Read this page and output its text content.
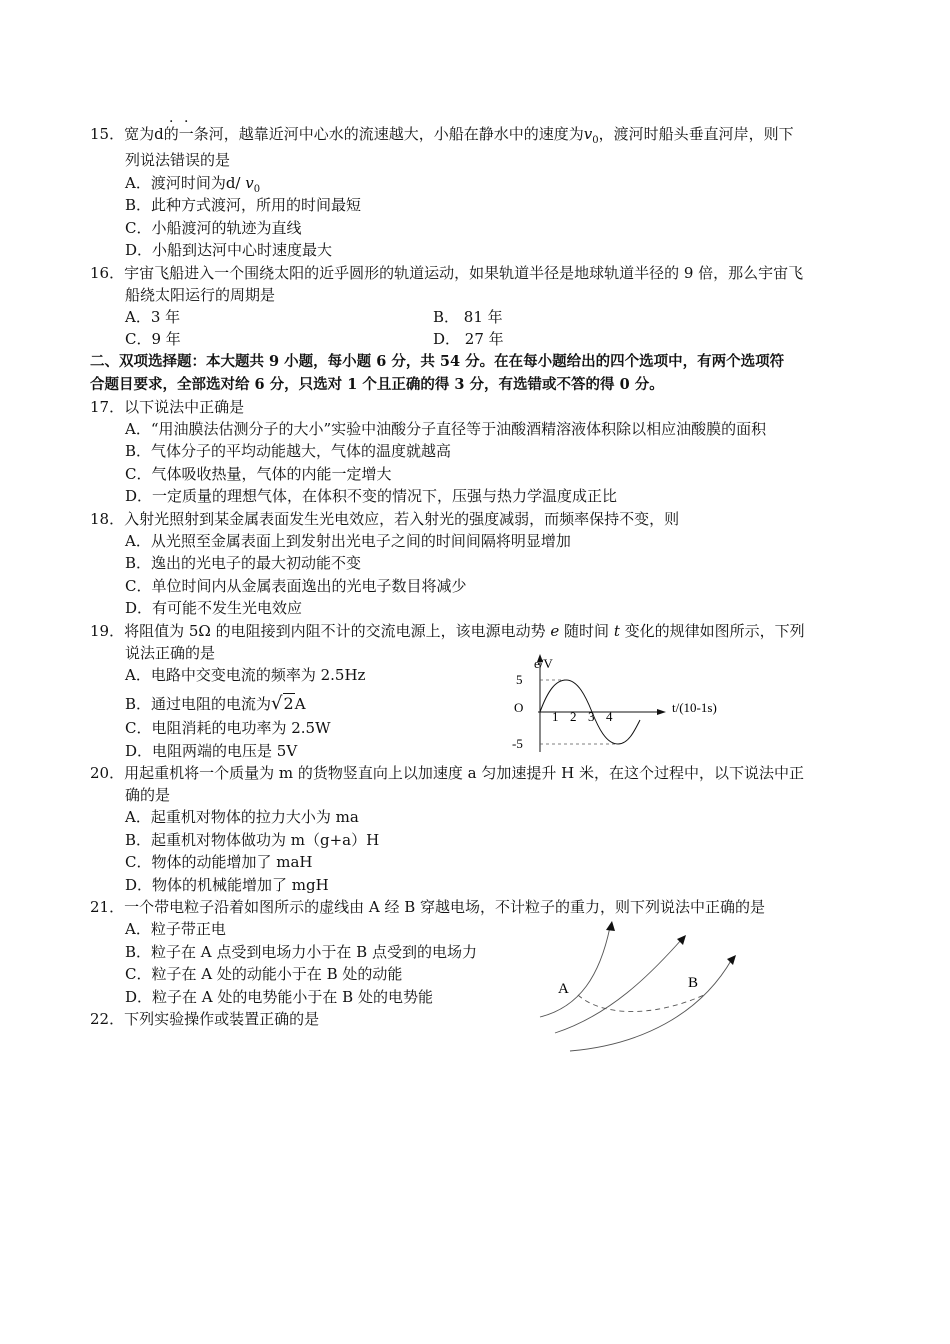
15．宽为d的一条河，越靠近河中心水的流速越大，小船在静水中的速度为$v_0$，渡河时船头垂直河岸，则下
列说法错误的是
A．渡河时间为d/ $v_0$
B．此种方式渡河，所用的时间最短
C．小船渡河的轨迹为直线
D．小船到达河中心时速度最大
16．宇宙飞船进入一个围绕太阳的近乎圆形的轨道运动，如果轨道半径是地球轨道半径的 9 倍，那么宇宙飞
船绕太阳运行的周期是
A．3 年	B． 81 年
C．9 年	D． 27 年
二、双项选择题：本大题共 9 小题，每小题 6 分，共 54 分。在在每小题给出的四个选项中，有两个选项符
合题目要求，全部选对给 6 分，只选对 1 个且正确的得 3 分，有选错或不答的得 0 分。
17．以下说法中正确是
A．“用油膜法估测分子的大小”实验中油酸分子直径等于油酸酒精溶液体积除以相应油酸膜的面积
B．气体分子的平均动能越大，气体的温度就越高
C．气体吸收热量，气体的内能一定增大
D．一定质量的理想气体，在体积不变的情况下，压强与热力学温度成正比
18．入射光照射到某金属表面发生光电效应，若入射光的强度减弱，而频率保持不变，则
A．从光照至金属表面上到发射出光电子之间的时间间隔将明显增加
B．逸出的光电子的最大初动能不变
C．单位时间内从金属表面逸出的光电子数目将减少
D．有可能不发生光电效应
19．将阻值为 5Ω 的电阻接到内阻不计的交流电源上，该电源电动势 e 随时间 t 变化的规律如图所示，下列
说法正确的是
A．电路中交变电流的频率为 2.5Hz
B．通过电阻的电流为√2A
C．电阻消耗的电功率为 2.5W
D．电阻两端的电压是 5V
e/V
5
-5
O
1 2 3 4
t/(10-1s)
20．用起重机将一个质量为 m 的货物竖直向上以加速度 a 匀加速提升 H 米，在这个过程中，以下说法中正
确的是
A．起重机对物体的拉力大小为 ma
B．起重机对物体做功为 m（g+a）H
C．物体的动能增加了 maH
D．物体的机械能增加了 mgH
21．一个带电粒子沿着如图所示的虚线由 A 经 B 穿越电场，不计粒子的重力，则下列说法中正确的是
A．粒子带正电
B．粒子在 A 点受到电场力小于在 B 点受到的电场力
C．粒子在 A 处的动能小于在 B 处的动能
D．粒子在 A 处的电势能小于在 B 处的电势能	A	B
22．下列实验操作或装置正确的是
